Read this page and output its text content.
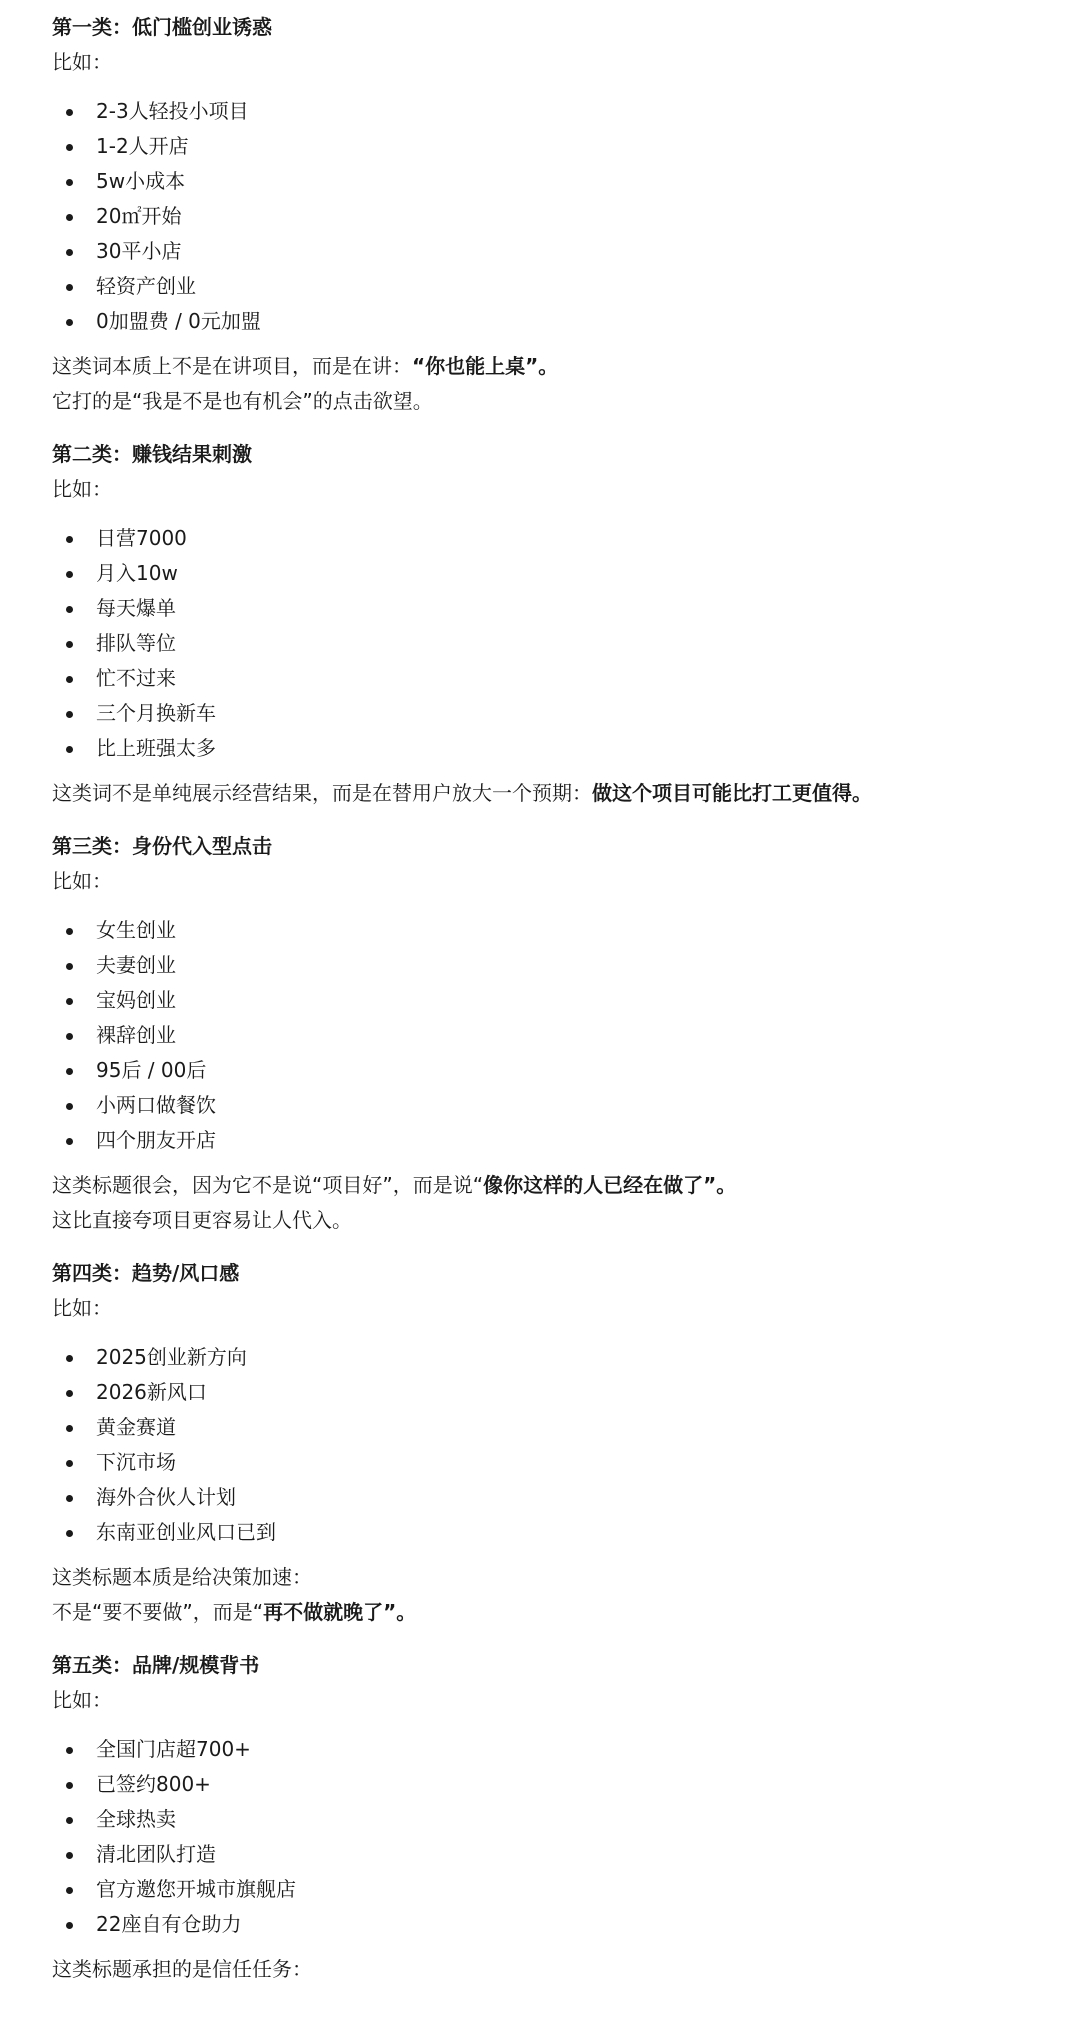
第一类：低门槛创业诱惑
比如：
2-3人轻投小项目
1-2人开店
5w小成本
20㎡开始
30平小店
轻资产创业
0加盟费 / 0元加盟
这类词本质上不是在讲项目，而是在讲：“你也能上桌”。
它打的是“我是不是也有机会”的点击欲望。
第二类：赚钱结果刺激
比如：
日营7000
月入10w
每天爆单
排队等位
忙不过来
三个月换新车
比上班强太多
这类词不是单纯展示经营结果，而是在替用户放大一个预期：做这个项目可能比打工更值得。
第三类：身份代入型点击
比如：
女生创业
夫妻创业
宝妈创业
裸辞创业
95后 / 00后
小两口做餐饮
四个朋友开店
这类标题很会，因为它不是说“项目好”，而是说“像你这样的人已经在做了”。
这比直接夸项目更容易让人代入。
第四类：趋势/风口感
比如：
2025创业新方向
2026新风口
黄金赛道
下沉市场
海外合伙人计划
东南亚创业风口已到
这类标题本质是给决策加速：
不是“要不要做”，而是“再不做就晚了”。
第五类：品牌/规模背书
比如：
全国门店超700+
已签约800+
全球热卖
清北团队打造
官方邀您开城市旗舰店
22座自有仓助力
这类标题承担的是信任任务：
